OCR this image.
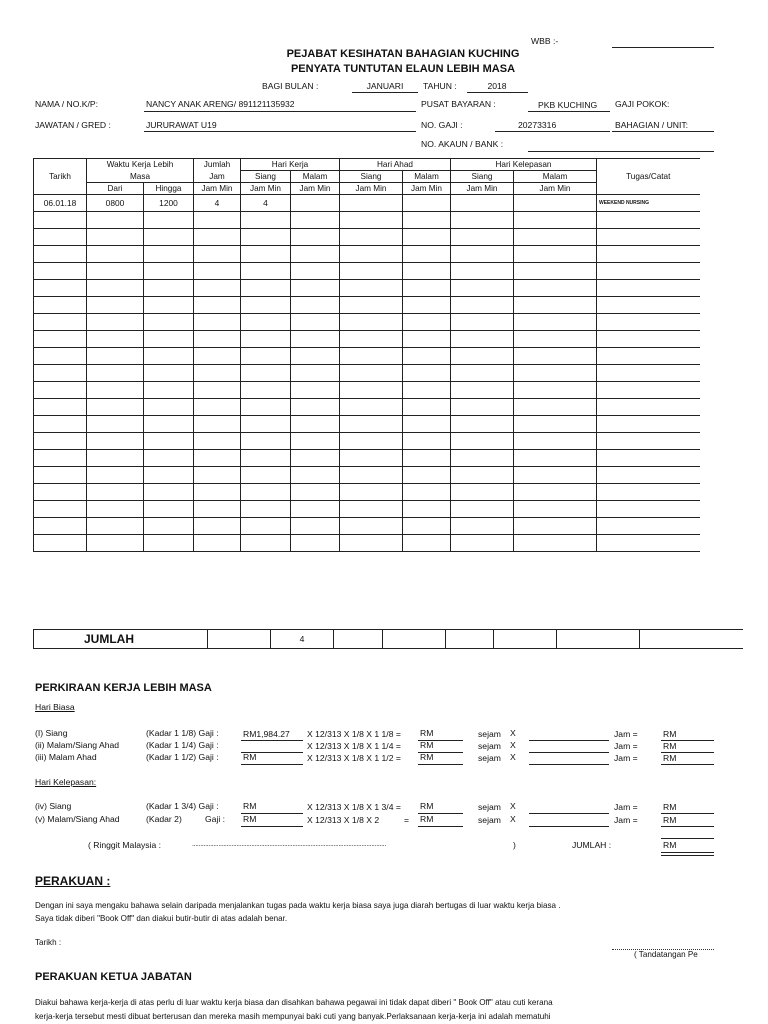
WBB :-
PEJABAT KESIHATAN BAHAGIAN KUCHING
PENYATA TUNTUTAN ELAUN LEBIH MASA
BAGI BULAN :	JANUARI TAHUN :	2018
NAMA / NO.K/P:	NANCY ANAK ARENG/ 891121135932	PUSAT BAYARAN :	PKB KUCHING GAJI POKOK:
JAWATAN / GRED :	JURURAWAT U19	NO. GAJI :	20273316	BAHAGIAN / UNIT:
NO. AKAUN / BANK :
Tarikh	Waktu Kerja Lebih		Jumlah	Hari Kerja		Hari Ahad		Hari Kelepasan		Tugas/Catat
	Masa		Jam	Siang	Malam	Siang	Malam	Siang	Malam	
	Dari	Hingga	Jam Min	Jam Min	Jam Min	Jam Min	Jam Min	Jam Min	Jam Min	
06.01.18	0800	1200	4	4						WEEKEND NURSING

JUMLAH		4						
PERKIRAAN KERJA LEBIH MASA
Hari Biasa
(I) Siang	(Kadar 1 1/8) Gaji :	RM1,984.27 X 12/313 X 1/8 X 1 1/8 = RM	sejam X	Jam =	RM
(ii) Malam/Siang Ahad	(Kadar 1 1/4) Gaji :	X 12/313 X 1/8 X 1 1/4 = RM	sejam X	Jam =	RM
(iii) Malam Ahad	(Kadar 1 1/2) Gaji :	RM	X 12/313 X 1/8 X 1 1/2 = RM	sejam X	Jam =	RM
Hari Kelepasan:
(iv) Siang	(Kadar 1 3/4) Gaji :	RM	X 12/313 X 1/8 X 1 3/4 = RM	sejam X	Jam =	RM
(v) Malam/Siang Ahad	(Kadar 2)	Gaji : RM	X 12/313 X 1/8 X 2	= RM	sejam X	Jam =	RM
( Ringgit Malaysia :	......................................................................................................................	)	JUMLAH :	RM
PERAKUAN :
Dengan ini saya mengaku bahawa selain daripada menjalankan tugas pada waktu kerja biasa saya juga diarah bertugas di luar waktu kerja biasa .
Saya tidak diberi "Book Off" dan diakui butir-butir di atas adalah benar.
Tarikh :
( Tandatangan Pe
PERAKUAN KETUA JABATAN
Diakui bahawa kerja-kerja di atas perlu di luar waktu kerja biasa dan disahkan bahawa pegawai ini tidak dapat diberi " Book Off" atau cuti kerana
kerja-kerja tersebut mesti dibuat berterusan dan mereka masih mempunyai baki cuti yang banyak.Perlaksanaan kerja-kerja ini adalah mematuhi
